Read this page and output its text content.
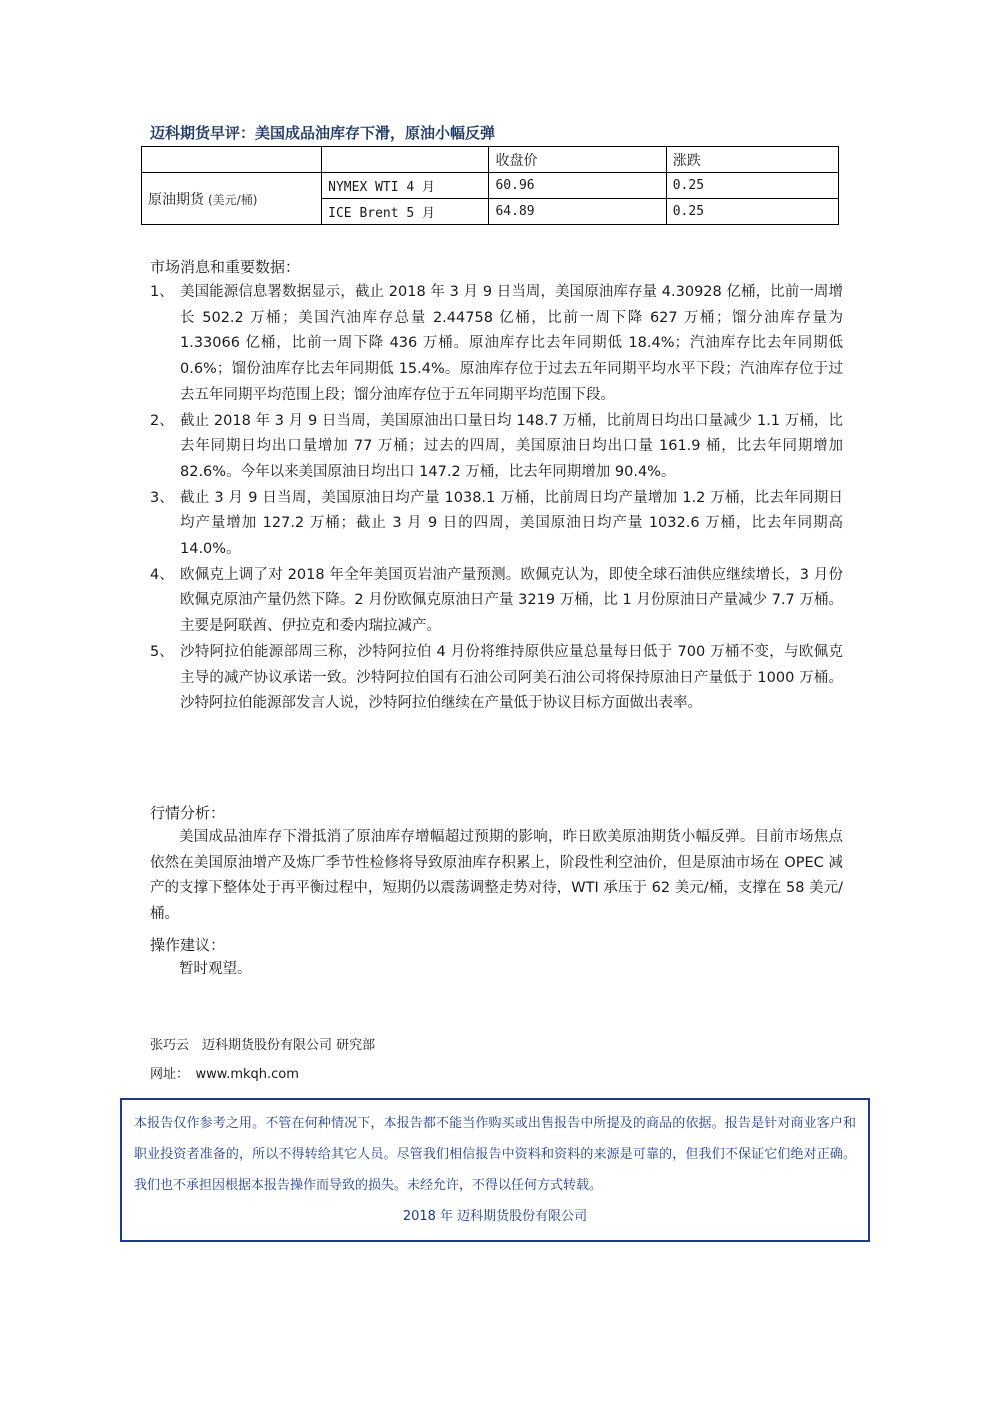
迈科期货早评：美国成品油库存下滑，原油小幅反弹
		收盘价	涨跌
原油期货 (美元/桶)	NYMEX WTI 4 月	60.96	0.25
	ICE Brent 5 月	64.89	0.25
市场消息和重要数据：
1、 美国能源信息署数据显示，截止 2018 年 3 月 9 日当周，美国原油库存量 4.30928 亿桶，比前一周增长 502.2 万桶；美国汽油库存总量 2.44758 亿桶，比前一周下降 627 万桶；馏分油库存量为 1.33066 亿桶，比前一周下降 436 万桶。原油库存比去年同期低 18.4%；汽油库存比去年同期低 0.6%；馏份油库存比去年同期低 15.4%。原油库存位于过去五年同期平均水平下段；汽油库存位于过去五年同期平均范围上段；馏分油库存位于五年同期平均范围下段。
2、 截止 2018 年 3 月 9 日当周，美国原油出口量日均 148.7 万桶，比前周日均出口量减少 1.1 万桶，比去年同期日均出口量增加 77 万桶；过去的四周，美国原油日均出口量 161.9 桶，比去年同期增加 82.6%。今年以来美国原油日均出口 147.2 万桶，比去年同期增加 90.4%。
3、 截止 3 月 9 日当周，美国原油日均产量 1038.1 万桶，比前周日均产量增加 1.2 万桶，比去年同期日均产量增加 127.2 万桶；截止 3 月 9 日的四周，美国原油日均产量 1032.6 万桶，比去年同期高 14.0%。
4、 欧佩克上调了对 2018 年全年美国页岩油产量预测。欧佩克认为，即使全球石油供应继续增长，3 月份欧佩克原油产量仍然下降。2 月份欧佩克原油日产量 3219 万桶，比 1 月份原油日产量减少 7.7 万桶。主要是阿联酋、伊拉克和委内瑞拉减产。
5、 沙特阿拉伯能源部周三称，沙特阿拉伯 4 月份将维持原供应量总量每日低于 700 万桶不变，与欧佩克主导的减产协议承诺一致。沙特阿拉伯国有石油公司阿美石油公司将保持原油日产量低于 1000 万桶。沙特阿拉伯能源部发言人说，沙特阿拉伯继续在产量低于协议目标方面做出表率。
行情分析：

美国成品油库存下滑抵消了原油库存增幅超过预期的影响，昨日欧美原油期货小幅反弹。目前市场焦点依然在美国原油增产及炼厂季节性检修将导致原油库存积累上，阶段性利空油价，但是原油市场在 OPEC 减产的支撑下整体处于再平衡过程中，短期仍以震荡调整走势对待，WTI 承压于 62 美元/桶，支撑在 58 美元/桶。

操作建议：

暂时观望。

张巧云　迈科期货股份有限公司 研究部
网址：　www.mkqh.com
本报告仅作参考之用。不管在何种情况下，本报告都不能当作购买或出售报告中所提及的商品的依据。报告是针对商业客户和职业投资者准备的，所以不得转给其它人员。尽管我们相信报告中资料和资料的来源是可靠的，但我们不保证它们绝对正确。我们也不承担因根据本报告操作而导致的损失。未经允许，不得以任何方式转载。
2018 年 迈科期货股份有限公司
